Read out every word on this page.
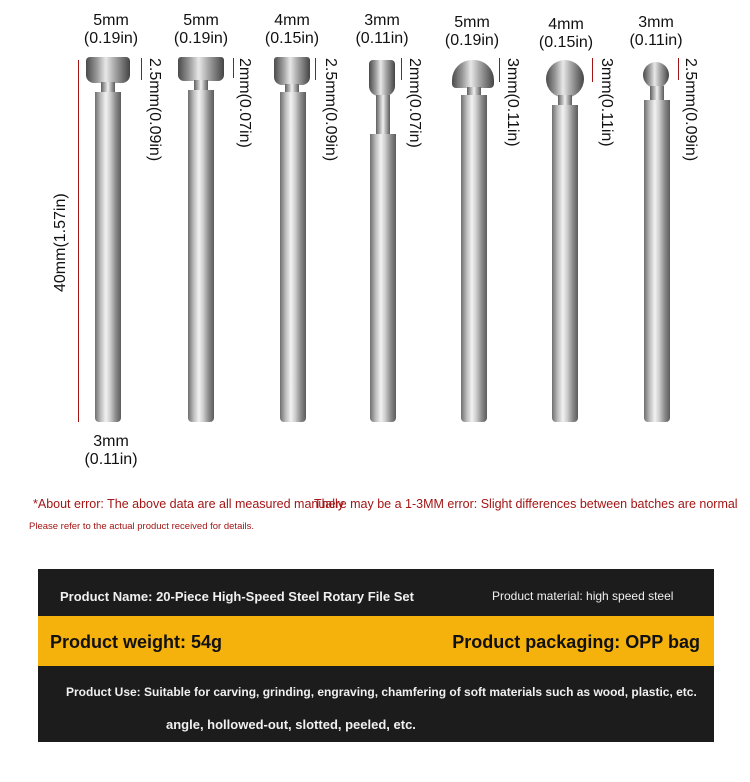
5mm
(0.19in)
5mm
(0.19in)
4mm
(0.15in)
3mm
(0.11in)
5mm
(0.19in)
4mm
(0.15in)
3mm
(0.11in)
2.5mm(0.09in)	2mm(0.07in)	2.5mm(0.09in)	2mm(0.07in)	3mm(0.11in)	3mm(0.11in)	2.5mm(0.09in)
40mm(1.57in)
3mm
(0.11in)
*About error: The above data are all measured manually
There may be a 1-3MM error: Slight differences between batches are normal
Please refer to the actual product received for details.
Product Name: 20-Piece High-Speed Steel Rotary File Set	Product material: high speed steel
Product weight: 54g	Product packaging: OPP bag
Product Use: Suitable for carving, grinding, engraving, chamfering of soft materials such as wood, plastic, etc.
angle, hollowed-out, slotted, peeled, etc.
